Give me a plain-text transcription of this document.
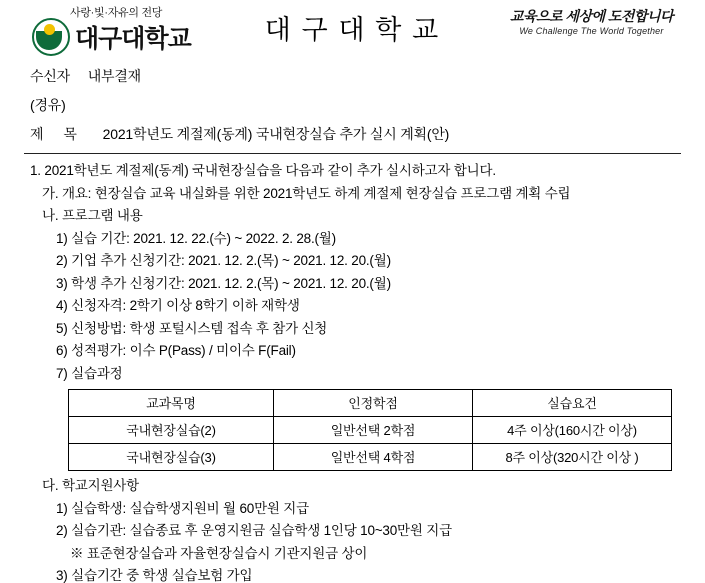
사랑·빛·자유의 전당
대구대학교	대 구 대 학 교	교육으로 세상에 도전합니다
We Challenge The World Together
수신자 내부결재
(경유)
제 목 2021학년도 계절제(동계) 국내현장실습 추가 실시 계획(안)
1. 2021학년도 계절제(동계) 국내현장실습을 다음과 같이 추가 실시하고자 합니다.
가. 개요: 현장실습 교육 내실화를 위한 2021학년도 하계 계절제 현장실습 프로그램 계획 수립
나. 프로그램 내용
1) 실습 기간: 2021. 12. 22.(수) ~ 2022. 2. 28.(월)
2) 기업 추가 신청기간: 2021. 12. 2.(목) ~ 2021. 12. 20.(월)
3) 학생 추가 신청기간: 2021. 12. 2.(목) ~ 2021. 12. 20.(월)
4) 신청자격: 2학기 이상 8학기 이하 재학생
5) 신청방법: 학생 포털시스템 접속 후 참가 신청
6) 성적평가: 이수 P(Pass) / 미이수 F(Fail)
7) 실습과정
교과목명	인정학점	실습요건
국내현장실습(2)	일반선택 2학점	4주 이상(160시간 이상)
국내현장실습(3)	일반선택 4학점	8주 이상(320시간 이상 )
다. 학교지원사항
1) 실습학생: 실습학생지원비 월 60만원 지급
2) 실습기관: 실습종료 후 운영지원금 실습학생 1인당 10~30만원 지급
※ 표준현장실습과 자율현장실습시 기관지원금 상이
3) 실습기간 중 학생 실습보험 가입
